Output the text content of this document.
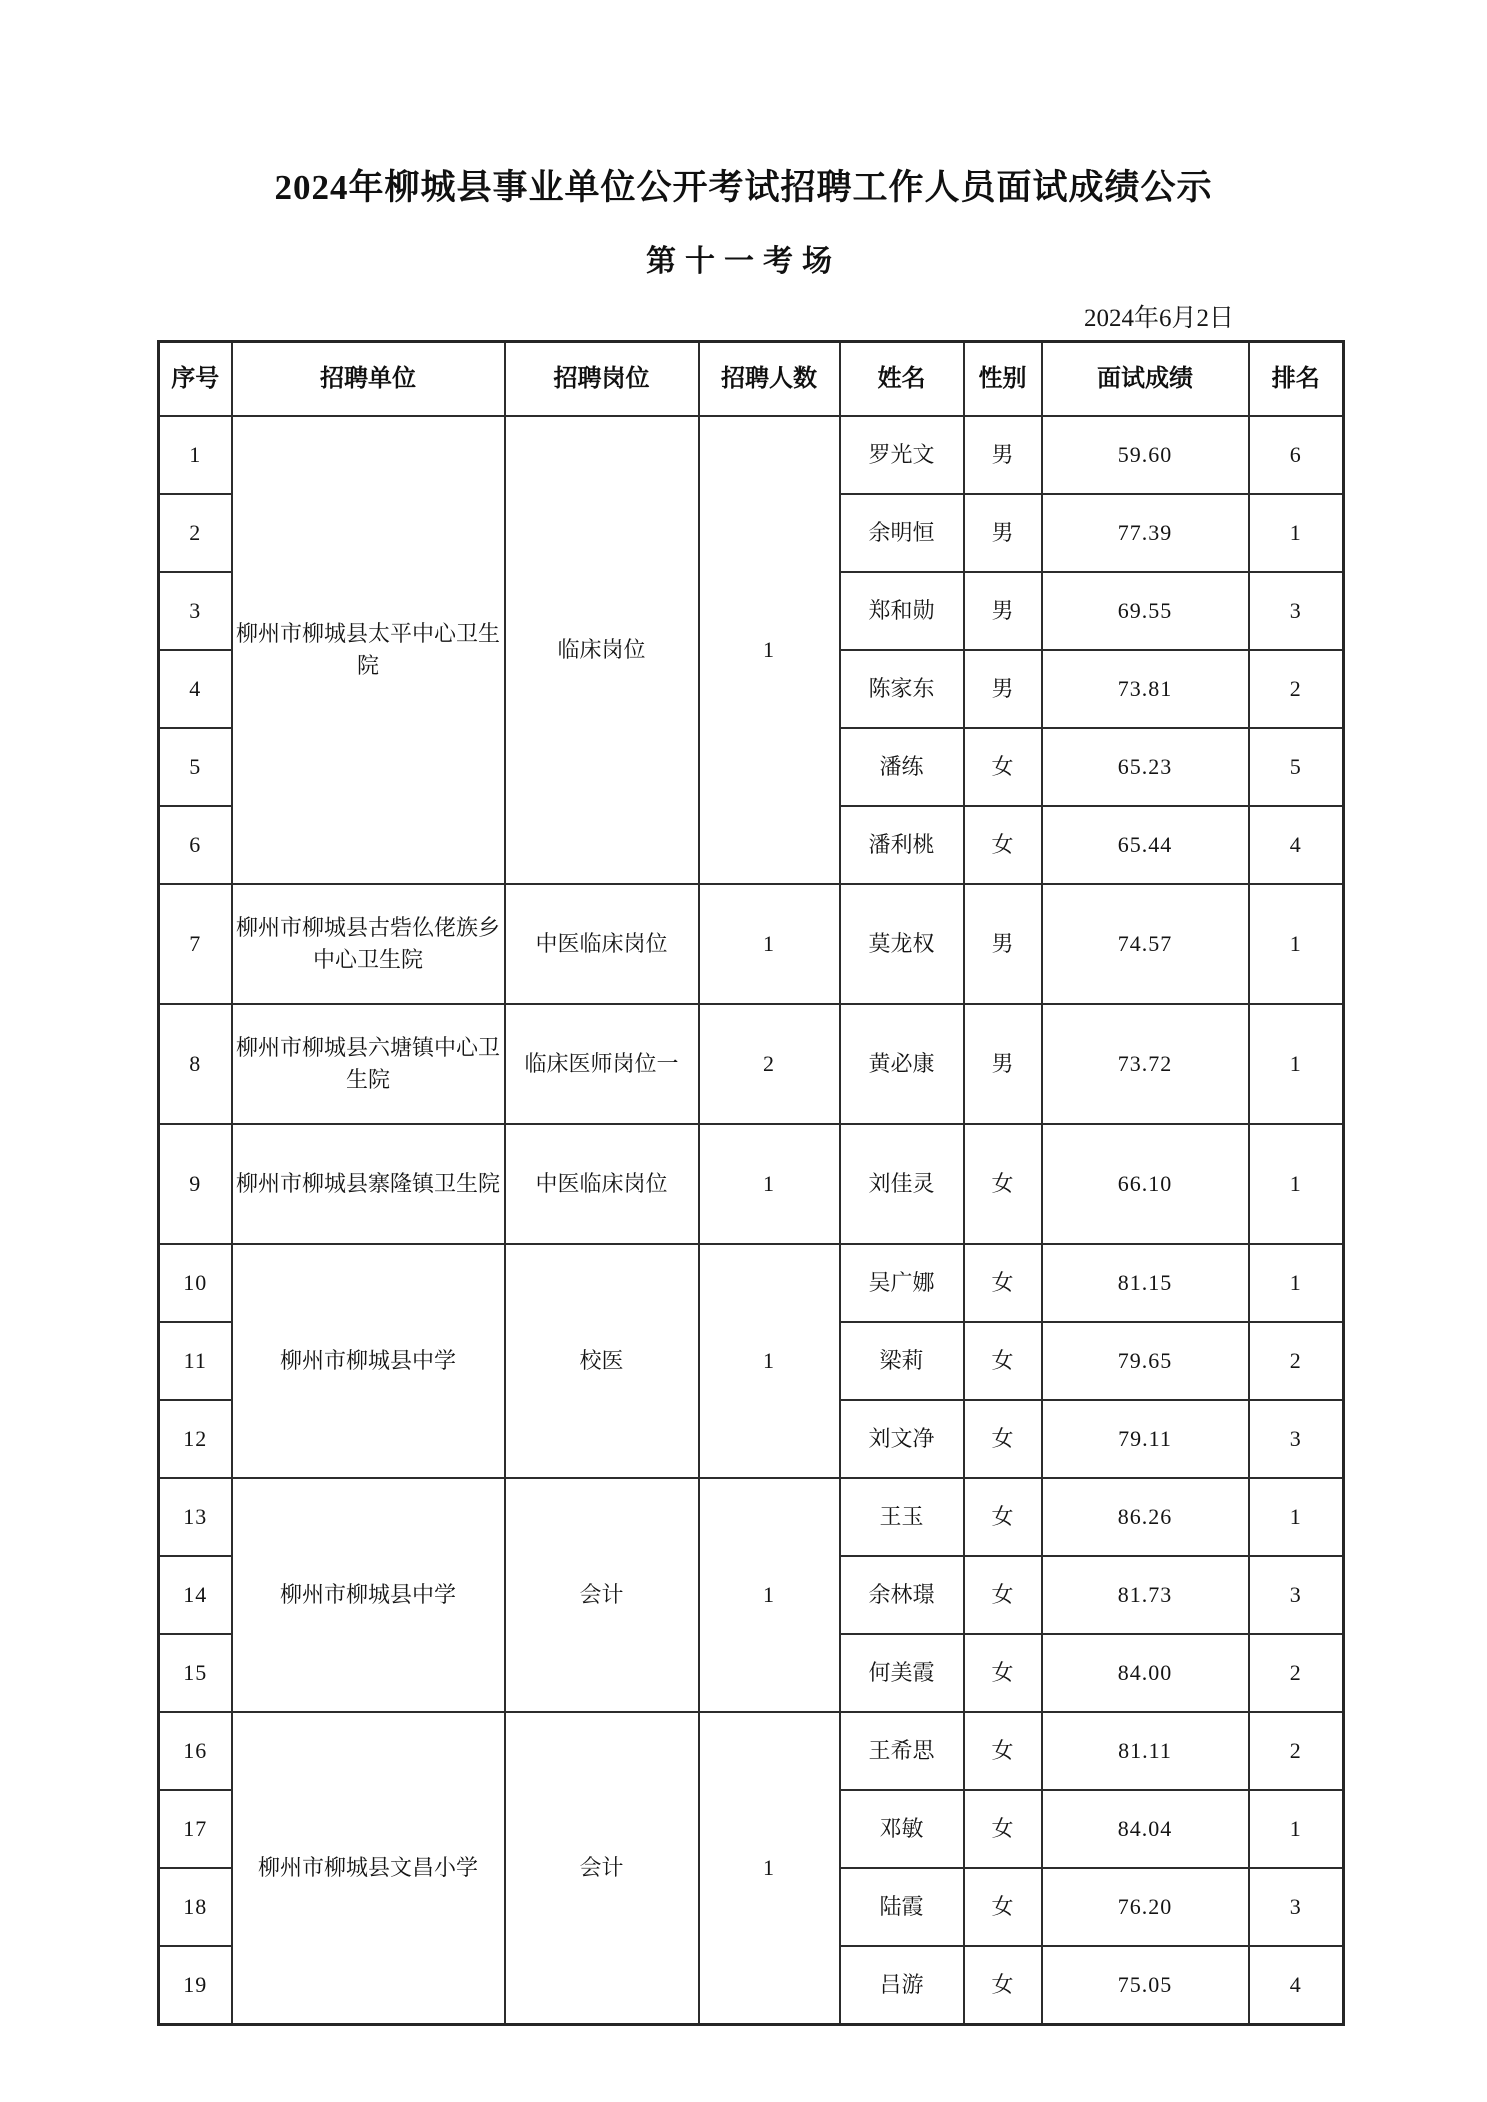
2024年柳城县事业单位公开考试招聘工作人员面试成绩公示
第十一考场
2024年6月2日
序号	招聘单位	招聘岗位	招聘人数	姓名	性别	面试成绩	排名
1	柳州市柳城县太平中心卫生院	临床岗位	1	罗光文	男	59.60	6
2				余明恒	男	77.39	1
3				郑和勋	男	69.55	3
4				陈家东	男	73.81	2
5				潘练	女	65.23	5
6				潘利桃	女	65.44	4
7	柳州市柳城县古砦仫佬族乡中心卫生院	中医临床岗位	1	莫龙权	男	74.57	1
8	柳州市柳城县六塘镇中心卫生院	临床医师岗位一	2	黄必康	男	73.72	1
9	柳州市柳城县寨隆镇卫生院	中医临床岗位	1	刘佳灵	女	66.10	1
10	柳州市柳城县中学	校医	1	吴广娜	女	81.15	1
11				梁莉	女	79.65	2
12				刘文净	女	79.11	3
13	柳州市柳城县中学	会计	1	王玉	女	86.26	1
14				余林璟	女	81.73	3
15				何美霞	女	84.00	2
16	柳州市柳城县文昌小学	会计	1	王希思	女	81.11	2
17				邓敏	女	84.04	1
18				陆霞	女	76.20	3
19				吕游	女	75.05	4
